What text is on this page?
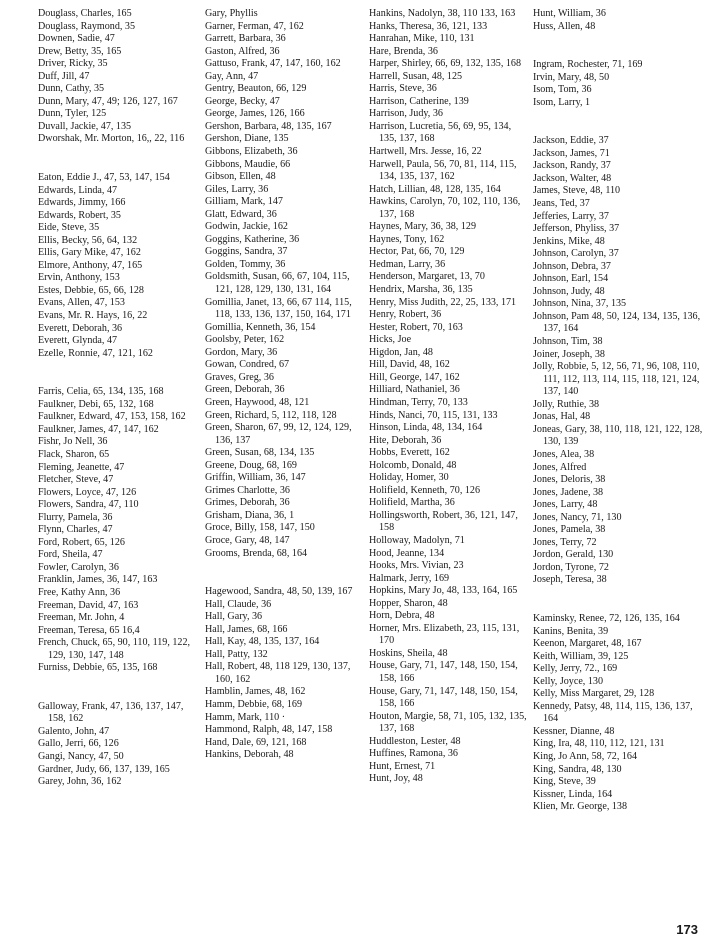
Douglass, Charles, 165
Douglass, Raymond, 35
Downen, Sadie, 47
Drew, Betty, 35, 165
Driver, Ricky, 35
Duff, Jill, 47
Dunn, Cathy, 35
Dunn, Mary, 47, 49; 126, 127, 167
Dunn, Tyler, 125
Duvall, Jackie, 47, 135
Dworshak, Mr. Morton, 16,, 22, 116
Eaton, Eddie J., 47, 53, 147, 154
Edwards, Linda, 47
Edwards, Jimmy, 166
Edwards, Robert, 35
Eide, Steve, 35
Ellis, Becky, 56, 64, 132
Ellis, Gary Mike, 47, 162
Elmore, Anthony, 47, 165
Ervin, Anthony, 153
Estes, Debbie, 65, 66, 128
Evans, Allen, 47, 153
Evans, Mr. R. Hays, 16, 22
Everett, Deborah, 36
Everett, Glynda, 47
Ezelle, Ronnie, 47, 121, 162
Farris, Celia, 65, 134, 135, 168
Faulkner, Debi, 65, 132, 168
Faulkner, Edward, 47, 153, 158, 162
Faulkner, James, 47, 147, 162
Fishr, Jo Nell, 36
Flack, Sharon, 65
Fleming, Jeanette, 47
Fletcher, Steve, 47
Flowers, Loyce, 47, 126
Flowers, Sandra, 47, 110
Flurry, Pamela, 36
Flynn, Charles, 47
Ford, Robert, 65, 126
Ford, Sheila, 47
Fowler, Carolyn, 36
Franklin, James, 36, 147, 163
Free, Kathy Ann, 36
Freeman, David, 47, 163
Freeman, Mr. John, 4
Freeman, Teresa, 65 16,4
French, Chuck, 65, 90, 110, 119, 122, 129, 130, 147, 148
Furniss, Debbie, 65, 135, 168
Galloway, Frank, 47, 136, 137, 147, 158, 162
Galento, John, 47
Gallo, Jerri, 66, 126
Gangi, Nancy, 47, 50
Gardner, Judy, 66, 137, 139, 165
Garey, John, 36, 162
Gary, Phyllis
Garner, Ferman, 47, 162
Garrett, Barbara, 36
Gaston, Alfred, 36
Gattuso, Frank, 47, 147, 160, 162
Gay, Ann, 47
Gentry, Beauton, 66, 129
George, Becky, 47
George, James, 126, 166
Gershon, Barbara, 48, 135, 167
Gershon, Diane, 135
Gibbons, Elizabeth, 36
Gibbons, Maudie, 66
Gibson, Ellen, 48
Giles, Larry, 36
Gilliam, Mark, 147
Glatt, Edward, 36
Godwin, Jackie, 162
Goggins, Katherine, 36
Goggins, Sandra, 37
Golden, Tommy, 36
Goldsmith, Susan, 66, 67, 104, 115, 121, 128, 129, 130, 131, 164
Gomillia, Janet, 13, 66, 67 114, 115, 118, 133, 136, 137, 150, 164, 171
Gomillia, Kenneth, 36, 154
Goolsby, Peter, 162
Gordon, Mary, 36
Gowan, Condred, 67
Graves, Greg, 36
Green, Deborah, 36
Green, Haywood, 48, 121
Green, Richard, 5, 112, 118, 128
Green, Sharon, 67, 99, 12, 124, 129, 136, 137
Green, Susan, 68, 134, 135
Greene, Doug, 68, 169
Griffin, William, 36, 147
Grimes Charlotte, 36
Grimes, Deborah, 36
Grisham, Diana, 36, 1
Groce, Billy, 158, 147, 150
Groce, Gary, 48, 147
Grooms, Brenda, 68, 164
Hagewood, Sandra, 48, 50, 139, 167
Hall, Claude, 36
Hall, Gary, 36
Hall, James, 68, 166
Hall, Kay, 48, 135, 137, 164
Hall, Patty, 132
Hall, Robert, 48, 118 129, 130, 137, 160, 162
Hamblin, James, 48, 162
Hamm, Debbie, 68, 169
Hamm, Mark, 110 ·
Hammond, Ralph, 48, 147, 158
Hand, Dale, 69, 121, 168
Hankins, Deborah, 48
Hankins, Nadolyn, 38, 110 133, 163
Hanks, Theresa, 36, 121, 133
Hanrahan, Mike, 110, 131
Hare, Brenda, 36
Harper, Shirley, 66, 69, 132, 135, 168
Harrell, Susan, 48, 125
Harris, Steve, 36
Harrison, Catherine, 139
Harrison, Judy, 36
Harrison, Lucretia, 56, 69, 95, 134, 135, 137, 168
Hartwell, Mrs. Jesse, 16, 22
Harwell, Paula, 56, 70, 81, 114, 115, 134, 135, 137, 162
Hatch, Lillian, 48, 128, 135, 164
Hawkins, Carolyn, 70, 102, 110, 136, 137, 168
Haynes, Mary, 36, 38, 129
Haynes, Tony, 162
Hector, Pat, 66, 70, 129
Hedman, Larry, 36
Henderson, Margaret, 13, 70
Hendrix, Marsha, 36, 135
Henry, Miss Judith, 22, 25, 133, 171
Henry, Robert, 36
Hester, Robert, 70, 163
Hicks, Joe
Higdon, Jan, 48
Hill, David, 48, 162
Hill, George, 147, 162
Hilliard, Nathaniel, 36
Hindman, Terry, 70, 133
Hinds, Nanci, 70, 115, 131, 133
Hinson, Linda, 48, 134, 164
Hite, Deborah, 36
Hobbs, Everett, 162
Holcomb, Donald, 48
Holiday, Homer, 30
Holifield, Kenneth, 70, 126
Holifield, Martha, 36
Hollingsworth, Robert, 36, 121, 147, 158
Holloway, Madolyn, 71
Hood, Jeanne, 134
Hooks, Mrs. Vivian, 23
Halmark, Jerry, 169
Hopkins, Mary Jo, 48, 133, 164, 165
Hopper, Sharon, 48
Horn, Debra, 48
Horner, Mrs. Elizabeth, 23, 115, 131, 170
Hoskins, Sheila, 48
House, Gary, 71, 147, 148, 150, 154, 158, 166
House, Gary, 71, 147, 148, 150, 154, 158, 166
Houton, Margie, 58, 71, 105, 132, 135, 137, 168
Huddleston, Lester, 48
Huffines, Ramona, 36
Hunt, Ernest, 71
Hunt, Joy, 48
Hunt, William, 36
Huss, Allen, 48
Ingram, Rochester, 71, 169
Irvin, Mary, 48, 50
Isom, Tom, 36
Isom, Larry, 1
Jackson, Eddie, 37
Jackson, James, 71
Jackson, Randy, 37
Jackson, Walter, 48
James, Steve, 48, 110
Jeans, Ted, 37
Jefferies, Larry, 37
Jefferson, Phyliss, 37
Jenkins, Mike, 48
Johnson, Carolyn, 37
Johnson, Debra, 37
Johnson, Earl, 154
Johnson, Judy, 48
Johnson, Nina, 37, 135
Johnson, Pam 48, 50, 124, 134, 135, 136, 137, 164
Johnson, Tim, 38
Joiner, Joseph, 38
Jolly, Robbie, 5, 12, 56, 71, 96, 108, 110, 111, 112, 113, 114, 115, 118, 121, 124, 137, 140
Jolly, Ruthie, 38
Jonas, Hal, 48
Joneas, Gary, 38, 110, 118, 121, 122, 128, 130, 139
Jones, Alea, 38
Jones, Alfred
Jones, Deloris, 38
Jones, Jadene, 38
Jones, Larry, 48
Jones, Nancy, 71, 130
Jones, Pamela, 38
Jones, Terry, 72
Jordon, Gerald, 130
Jordon, Tyrone, 72
Joseph, Teresa, 38
Kaminsky, Renee, 72, 126, 135, 164
Kanins, Benita, 39
Keenon, Margaret, 48, 167
Keith, William, 39, 125
Kelly, Jerry, 72., 169
Kelly, Joyce, 130
Kelly, Miss Margaret, 29, 128
Kennedy, Patsy, 48, 114, 115, 136, 137, 164
Kessner, Dianne, 48
King, Ira, 48, 110, 112, 121, 131
King, Jo Ann, 58, 72, 164
King, Sandra, 48, 130
King, Steve, 39
Kissner, Linda, 164
Klien, Mr. George, 138
173
